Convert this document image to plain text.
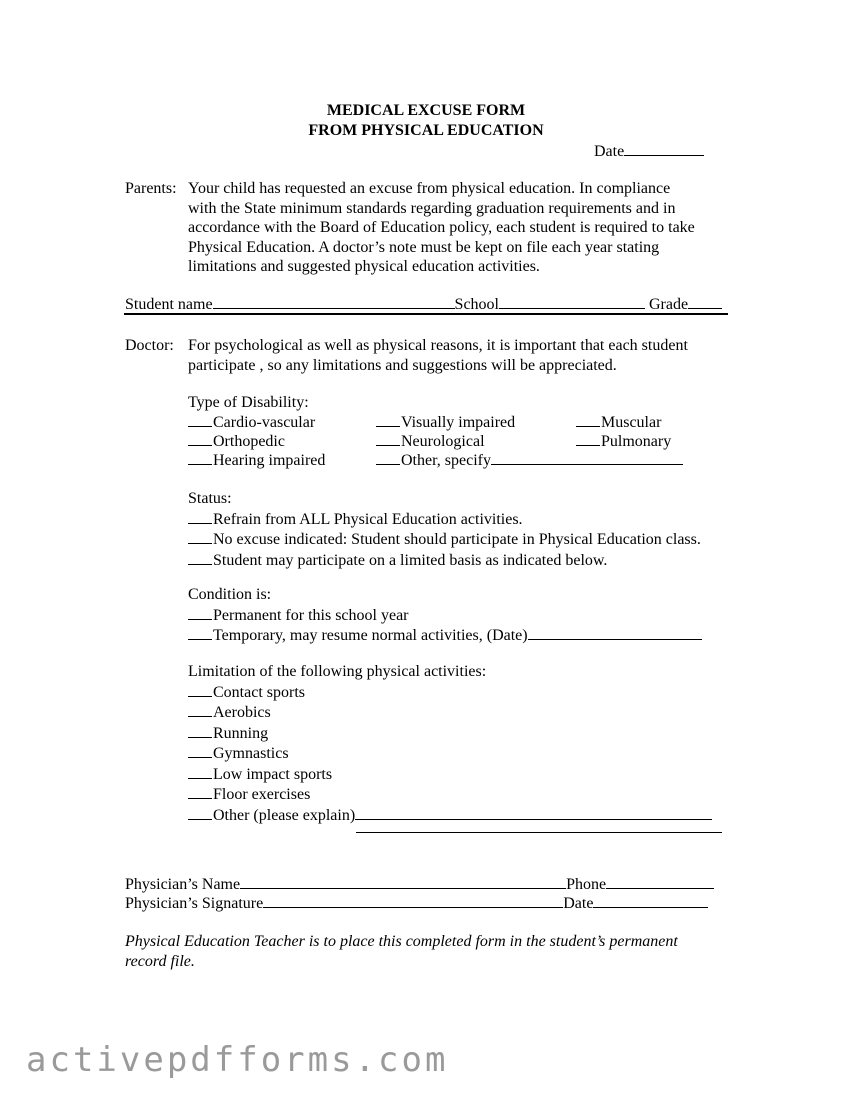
MEDICAL EXCUSE FORM
FROM PHYSICAL EDUCATION
Date
Parents: Your child has requested an excuse from physical education. In compliance
with the State minimum standards regarding graduation requirements and in
accordance with the Board of Education policy, each student is required to take
Physical Education. A doctor’s note must be kept on file each year stating
limitations and suggested physical education activities.
Student name	School	Grade
Doctor: For psychological as well as physical reasons, it is important that each student
participate , so any limitations and suggestions will be appreciated.
Type of Disability:
Cardio-vascular	Visually impaired	Muscular
Orthopedic	Neurological	Pulmonary
Hearing impaired	Other, specify
Status:
Refrain from ALL Physical Education activities.
No excuse indicated: Student should participate in Physical Education class.
Student may participate on a limited basis as indicated below.
Condition is:
Permanent for this school year
Temporary, may resume normal activities, (Date)
Limitation of the following physical activities:
Contact sports
Aerobics
Running
Gymnastics
Low impact sports
Floor exercises
Other (please explain)
Physician’s Name	Phone
Physician’s Signature	Date
Physical Education Teacher is to place this completed form in the student’s permanent
record file.
activepdfforms.com
